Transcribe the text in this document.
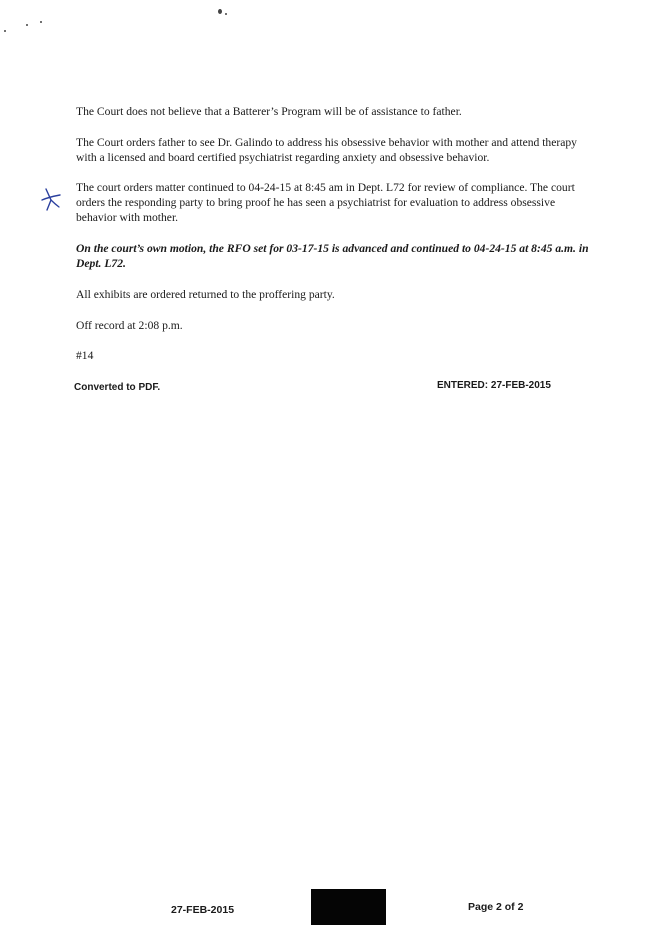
The Court does not believe that a Batterer’s Program will be of assistance to father.

The Court orders father to see Dr. Galindo to address his obsessive behavior with mother and attend therapy with a licensed and board certified psychiatrist regarding anxiety and obsessive behavior.

The court orders matter continued to 04-24-15 at 8:45 am in Dept. L72 for review of compliance. The court orders the responding party to bring proof he has seen a psychiatrist for evaluation to address obsessive behavior with mother.

On the court’s own motion, the RFO set for 03-17-15 is advanced and continued to 04-24-15 at 8:45 a.m. in Dept. L72.

All exhibits are ordered returned to the proffering party.

Off record at 2:08 p.m.

#14

Converted to PDF.	ENTERED: 27-FEB-2015
27-FEB-2015	Page 2 of 2
